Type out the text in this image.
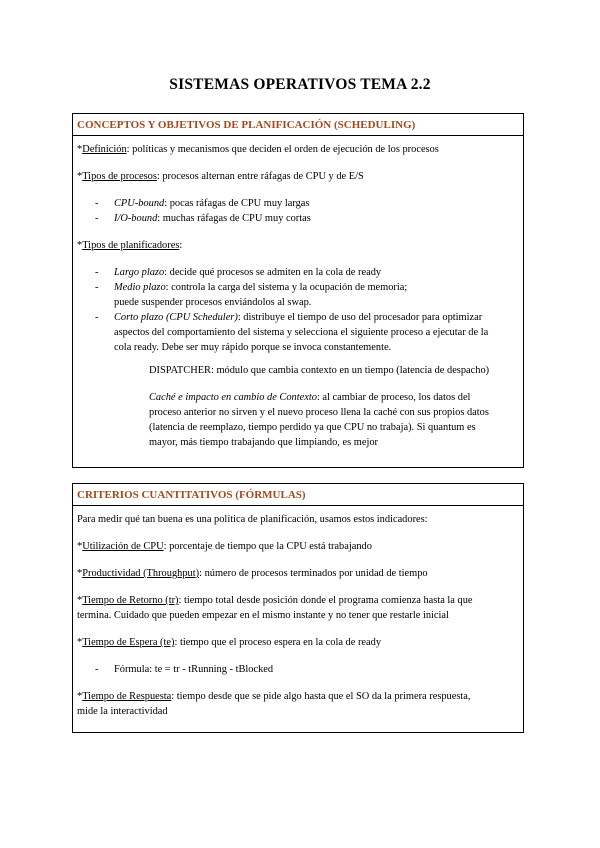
SISTEMAS OPERATIVOS TEMA 2.2
CONCEPTOS Y OBJETIVOS DE PLANIFICACIÓN (SCHEDULING)
*Definición: políticas y mecanismos que deciden el orden de ejecución de los procesos
*Tipos de procesos: procesos alternan entre ráfagas de CPU y de E/S
- CPU-bound: pocas ráfagas de CPU muy largas
- I/O-bound: muchas ráfagas de CPU muy cortas
*Tipos de planificadores:
- Largo plazo: decide qué procesos se admiten en la cola de ready
- Medio plazo: controla la carga del sistema y la ocupación de memoria;
puede suspender procesos enviándolos al swap.
- Corto plazo (CPU Scheduler): distribuye el tiempo de uso del procesador para optimizar
aspectos del comportamiento del sistema y selecciona el siguiente proceso a ejecutar de la
cola ready. Debe ser muy rápido porque se invoca constantemente.
DISPATCHER: módulo que cambia contexto en un tiempo (latencia de despacho)
Caché e impacto en cambio de Contexto: al cambiar de proceso, los datos del
proceso anterior no sirven y el nuevo proceso llena la caché con sus propios datos
(latencia de reemplazo, tiempo perdido ya que CPU no trabaja). Si quantum es
mayor, más tiempo trabajando que limpiando, es mejor
CRITERIOS CUANTITATIVOS (FÓRMULAS)
Para medir qué tan buena es una política de planificación, usamos estos indicadores:
*Utilización de CPU: porcentaje de tiempo que la CPU está trabajando
*Productividad (Throughput): número de procesos terminados por unidad de tiempo
*Tiempo de Retorno (tr): tiempo total desde posición donde el programa comienza hasta la que
termina. Cuidado que pueden empezar en el mismo instante y no tener que restarle inicial
*Tiempo de Espera (te): tiempo que el proceso espera en la cola de ready
- Fórmula: te = tr - tRunning - tBlocked
*Tiempo de Respuesta: tiempo desde que se pide algo hasta que el SO da la primera respuesta,
mide la interactividad
